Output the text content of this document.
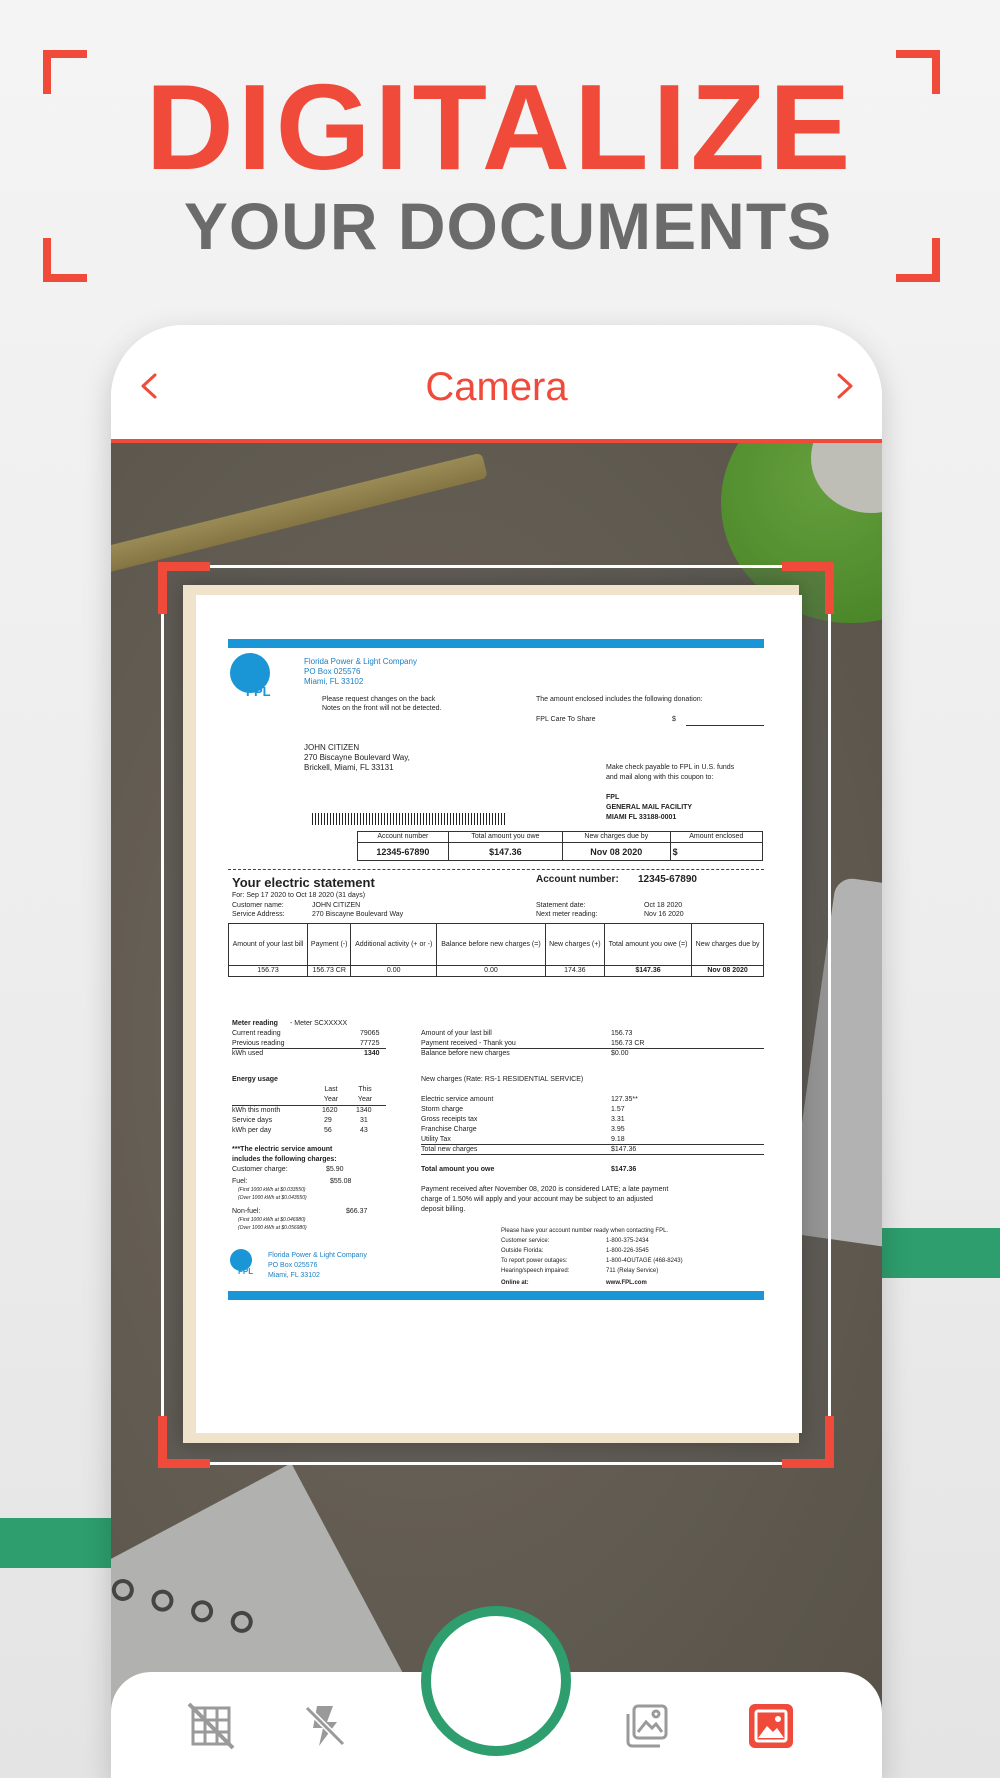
DIGITALIZE
YOUR DOCUMENTS
FPL
Florida Power & Light Company
PO Box 025576
Miami, FL 33102
Please request changes on the back
Notes on the front will not be detected.
The amount enclosed includes the following donation:
FPL Care To Share	$
JOHN CITIZEN
270 Biscayne Boulevard Way,
Brickell, Miami, FL 33131	Make check payable to FPL in U.S. funds
and mail along with this coupon to:
FPL
GENERAL MAIL FACILITY
MIAMI FL 33188-0001
Account number	Total amount you owe	New charges due by	Amount enclosed
12345-67890	$147.36	Nov 08 2020	$
Your electric statement	Account number: 12345-67890
For: Sep 17 2020 to Oct 18 2020 (31 days)
Customer name:	JOHN CITIZEN
Service Address:	270 Biscayne Boulevard Way
Statement date:	Oct 18 2020
Next meter reading:	Nov 16 2020
Amount of your last bill	Payment (-)	Additional activity (+ or -)	Balance before new charges (=)	New charges (+)	Total amount you owe (=)	New charges due by
156.73	156.73 CR	0.00	0.00	174.36	$147.36	Nov 08 2020
Meter reading - Meter SCXXXXX
Current reading	79065
Previous reading	77725
kWh used	1340
Amount of your last bill	156.73
Payment received - Thank you	156.73 CR
Balance before new charges	$0.00
Energy usage
Last Year
This Year
kWh this month	1620	1340
Service days	29	31
kWh per day	56	43
New charges (Rate: RS-1 RESIDENTIAL SERVICE)
Electric service amount	127.35**
Storm charge	1.57
Gross receipts tax	3.31
Franchise Charge	3.95
Utility Tax	9.18
Total new charges	$147.36
Total amount you owe	$147.36
***The electric service amount
includes the following charges:
Customer charge:	$5.90
Fuel:	$55.08
(First 1000 kWh at $0.033550)
(Over 1000 kWh at $0.043550)
Non-fuel:	$66.37
(First 1000 kWh at $0.046980)
(Over 1000 kWh at $0.056980)
Payment received after November 08, 2020 is considered LATE; a late payment
charge of 1.50% will apply and your account may be subject to an adjusted
deposit billing.
FPL
Florida Power & Light Company
PO Box 025576
Miami, FL 33102
Please have your account number ready when contacting FPL.
Customer service:	1-800-375-2434
Outside Florida:	1-800-226-3545
To report power outages:	1-800-4OUTAGE (468-8243)
Hearing/speech impaired:	711 (Relay Service)
Online at:	www.FPL.com
Camera
